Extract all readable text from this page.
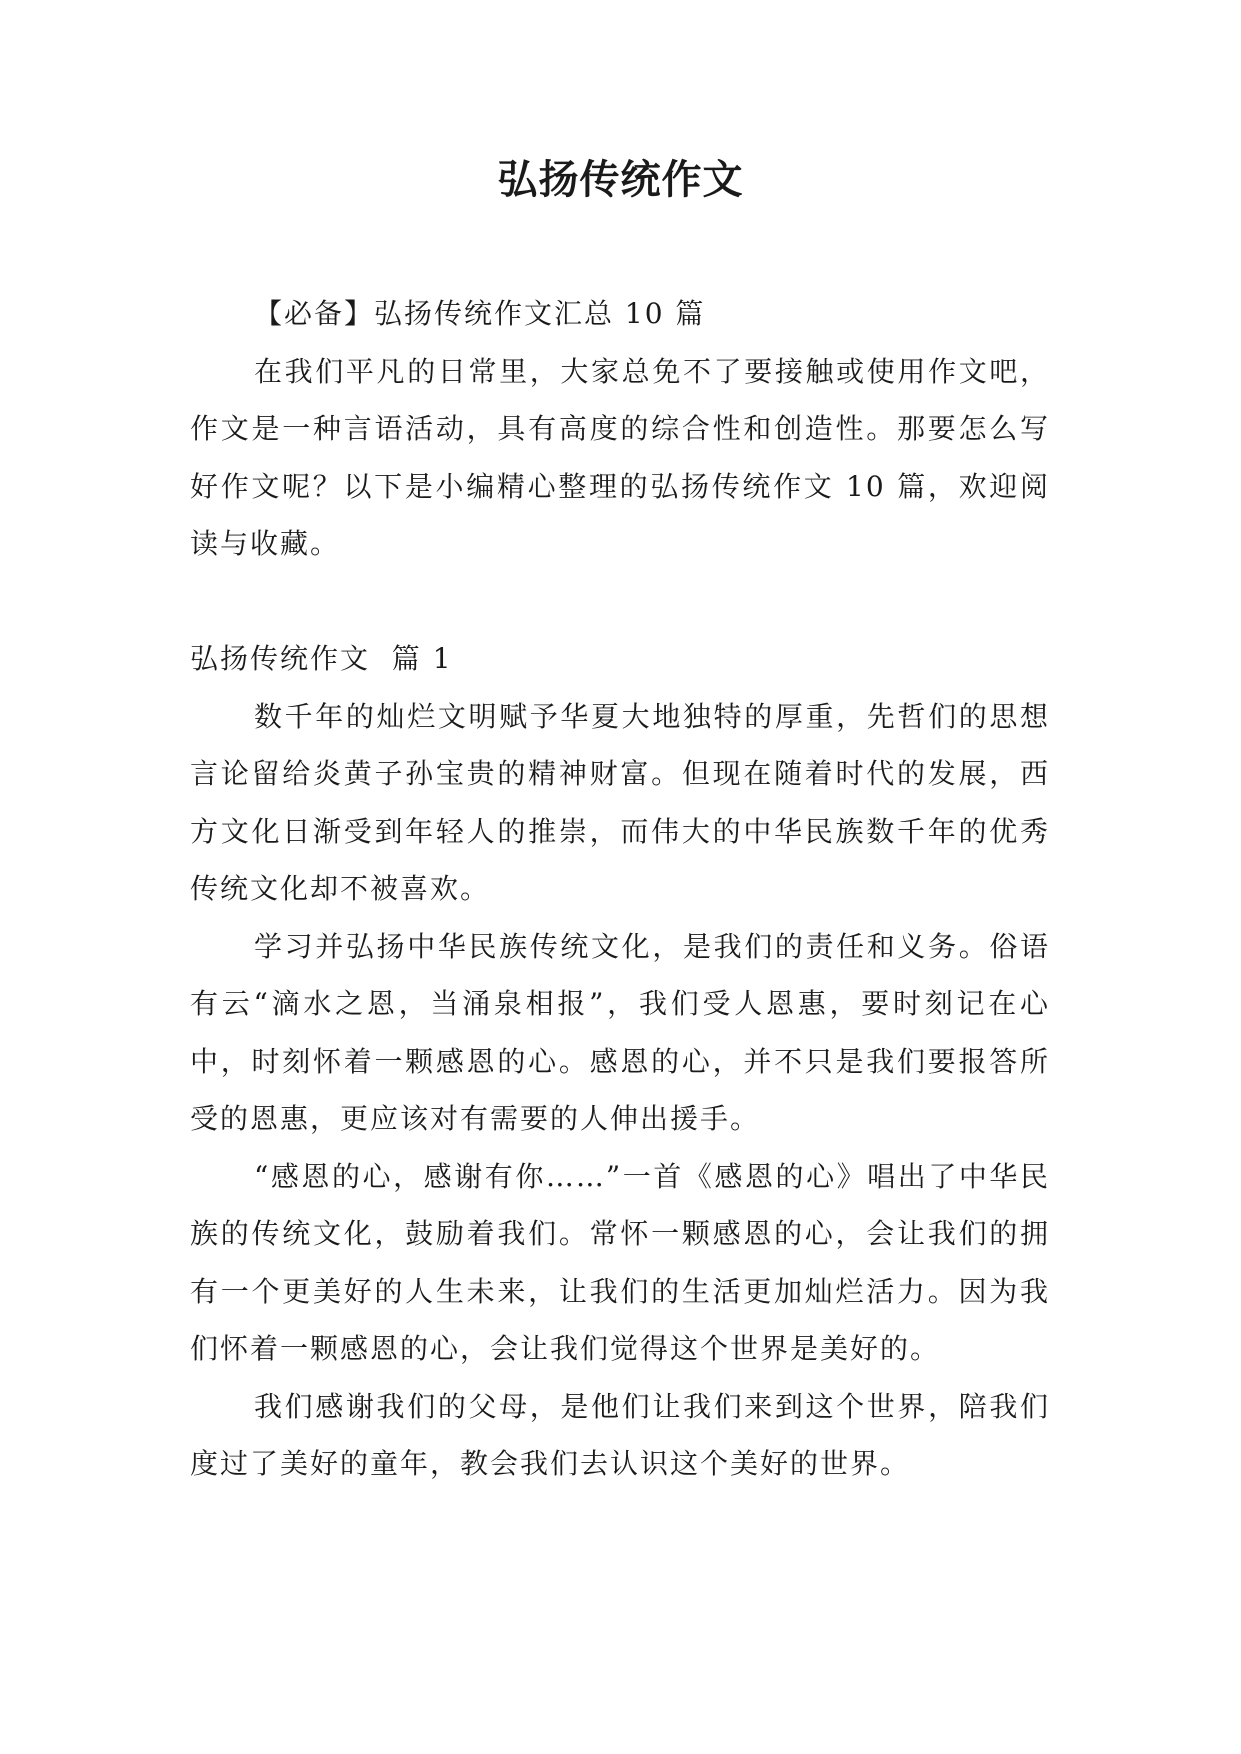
弘扬传统作文

【必备】弘扬传统作文汇总 10 篇

在我们平凡的日常里，大家总免不了要接触或使用作文吧，作文是一种言语活动，具有高度的综合性和创造性。那要怎么写好作文呢？以下是小编精心整理的弘扬传统作文 10 篇，欢迎阅读与收藏。

弘扬传统作文  篇 1

数千年的灿烂文明赋予华夏大地独特的厚重，先哲们的思想言论留给炎黄子孙宝贵的精神财富。但现在随着时代的发展，西方文化日渐受到年轻人的推崇，而伟大的中华民族数千年的优秀传统文化却不被喜欢。

学习并弘扬中华民族传统文化，是我们的责任和义务。俗语有云“滴水之恩，当涌泉相报”，我们受人恩惠，要时刻记在心中，时刻怀着一颗感恩的心。感恩的心，并不只是我们要报答所受的恩惠，更应该对有需要的人伸出援手。

“感恩的心，感谢有你……”一首《感恩的心》唱出了中华民族的传统文化，鼓励着我们。常怀一颗感恩的心，会让我们的拥有一个更美好的人生未来，让我们的生活更加灿烂活力。因为我们怀着一颗感恩的心，会让我们觉得这个世界是美好的。

我们感谢我们的父母，是他们让我们来到这个世界，陪我们度过了美好的童年，教会我们去认识这个美好的世界。
